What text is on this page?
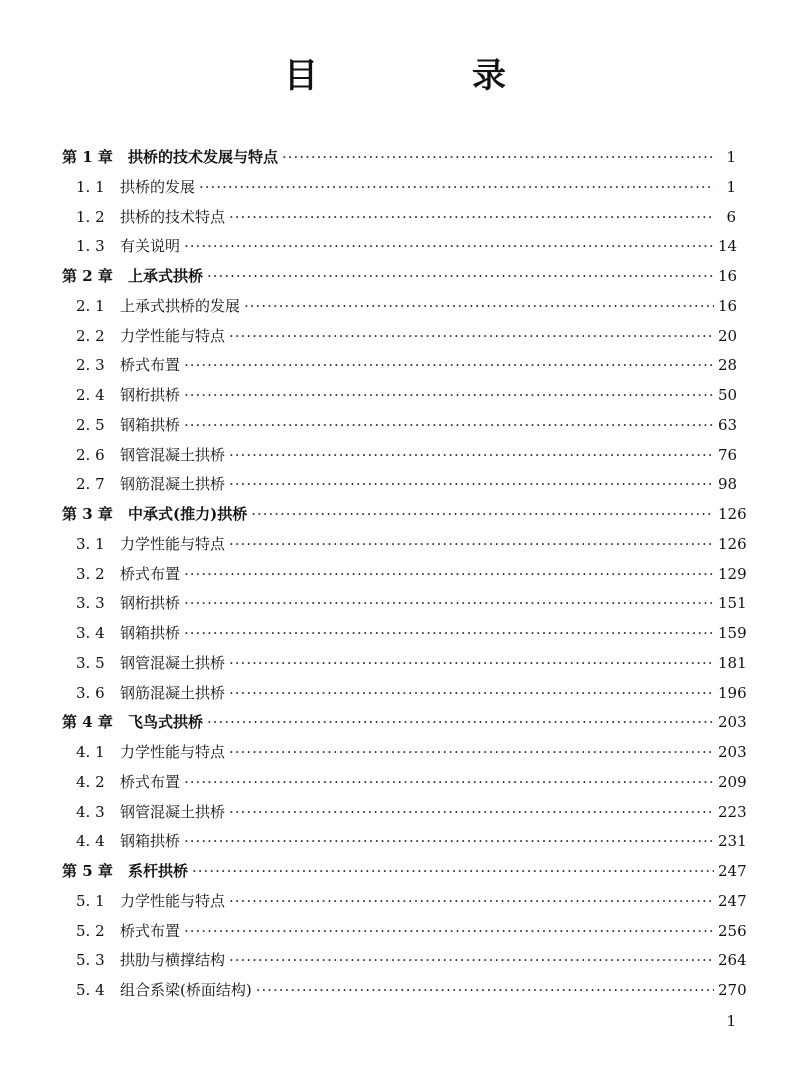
目　录
第 1 章	拱桥的技术发展与特点 ·····	1
1. 1	拱桥的发展 ·····	1
1. 2	拱桥的技术特点 ·····	6
1. 3	有关说明 ·····	14
第 2 章	上承式拱桥 ·····	16
2. 1	上承式拱桥的发展 ·····	16
2. 2	力学性能与特点 ·····	20
2. 3	桥式布置 ·····	28
2. 4	钢桁拱桥 ·····	50
2. 5	钢箱拱桥 ·····	63
2. 6	钢管混凝土拱桥 ·····	76
2. 7	钢筋混凝土拱桥 ·····	98
第 3 章	中承式(推力)拱桥 ·····	126
3. 1	力学性能与特点 ·····	126
3. 2	桥式布置 ·····	129
3. 3	钢桁拱桥 ·····	151
3. 4	钢箱拱桥 ·····	159
3. 5	钢管混凝土拱桥 ·····	181
3. 6	钢筋混凝土拱桥 ·····	196
第 4 章	飞鸟式拱桥 ·····	203
4. 1	力学性能与特点 ·····	203
4. 2	桥式布置 ·····	209
4. 3	钢管混凝土拱桥 ·····	223
4. 4	钢箱拱桥 ·····	231
第 5 章	系杆拱桥 ·····	247
5. 1	力学性能与特点 ·····	247
5. 2	桥式布置 ·····	256
5. 3	拱肋与横撑结构 ·····	264
5. 4	组合系梁(桥面结构) ·····	270
1
